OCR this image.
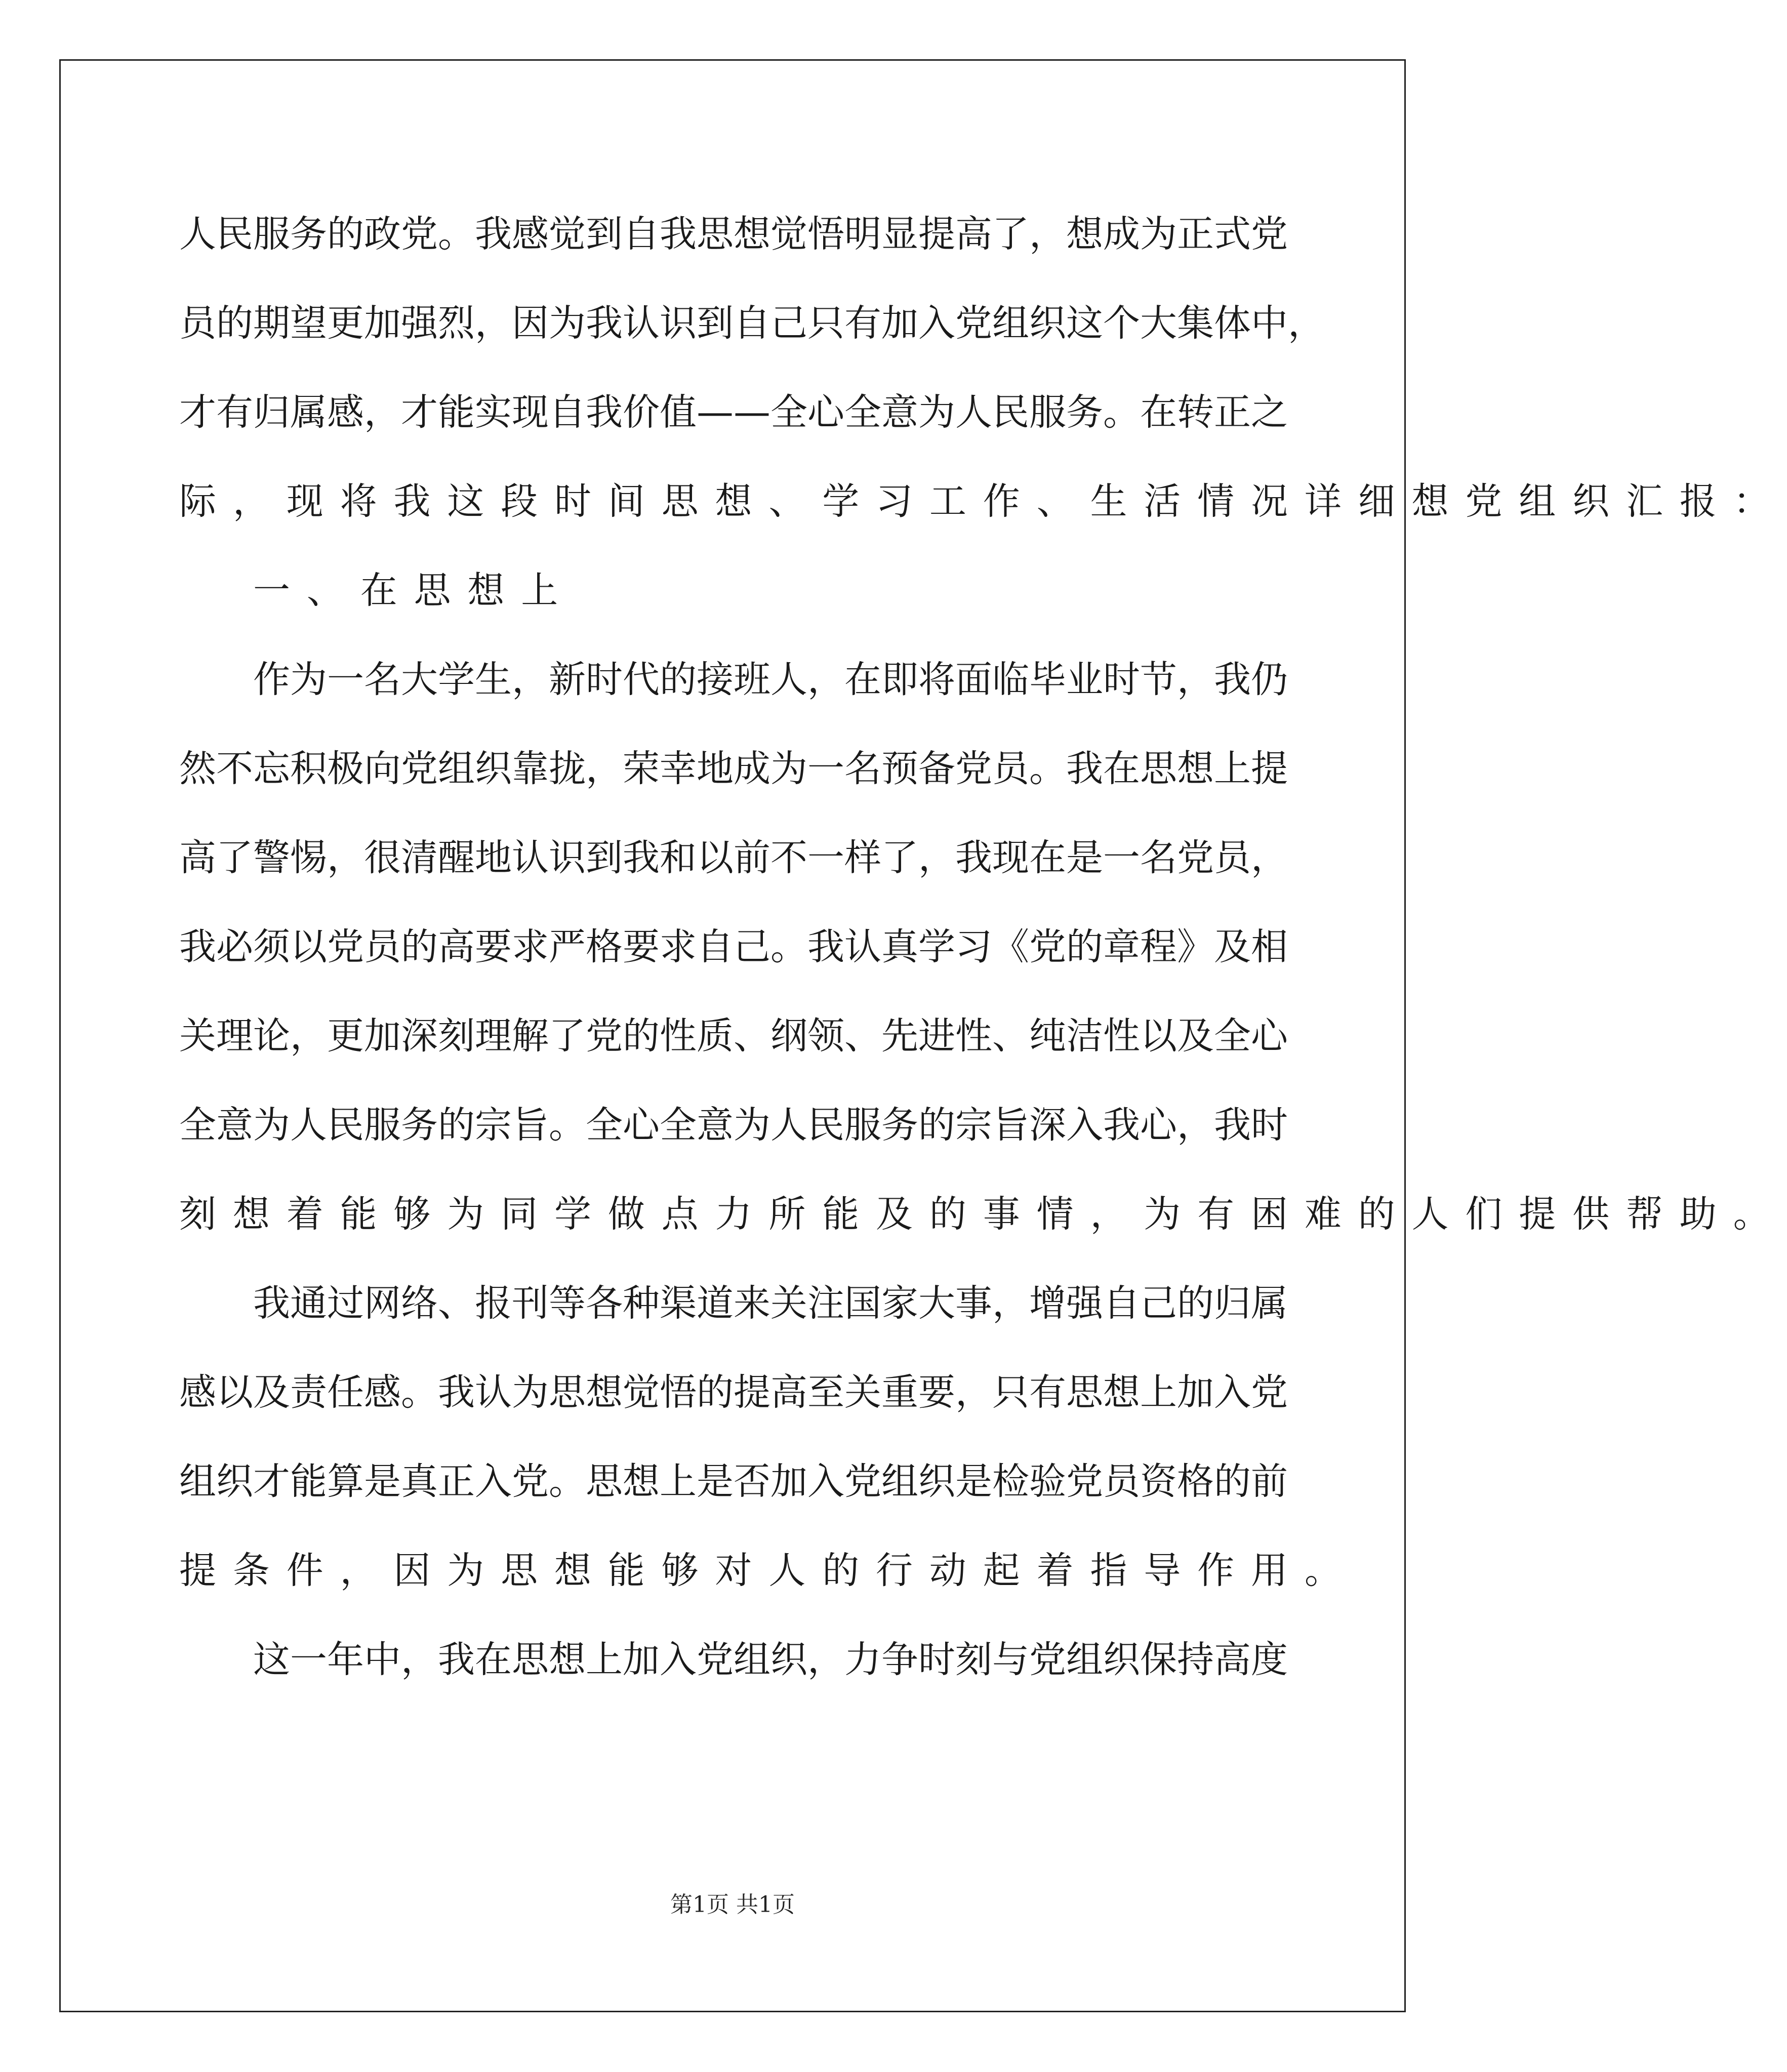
人 民 服 务 的 政 党 。 我 感 觉 到 自 我 思 想 觉 悟 明 显 提 高 了 ， 想 成 为 正 式 党
员 的 期 望 更 加 强 烈 ， 因 为 我 认 识 到 自 己 只 有 加 入 党 组 织 这 个 大 集 体 中 ，
才 有 归 属 感 ， 才 能 实 现 自 我 价 值 — — 全 心 全 意 为 人 民 服 务 。 在 转 正 之
际，现将我这段时间思想、学习工作、生活情况详细想党组织汇报：
一、在思想上
作 为 一 名 大 学 生 ， 新 时 代 的 接 班 人 ， 在 即 将 面 临 毕 业 时 节 ， 我 仍
然 不 忘 积 极 向 党 组 织 靠 拢 ， 荣 幸 地 成 为 一 名 预 备 党 员 。 我 在 思 想 上 提
高 了 警 惕 ， 很 清 醒 地 认 识 到 我 和 以 前 不 一 样 了 ， 我 现 在 是 一 名 党 员 ，
我 必 须 以 党 员 的 高 要 求 严 格 要 求 自 己 。 我 认 真 学 习 《 党 的 章 程 》 及 相
关 理 论 ， 更 加 深 刻 理 解 了 党 的 性 质 、 纲 领 、 先 进 性 、 纯 洁 性 以 及 全 心
全 意 为 人 民 服 务 的 宗 旨 。 全 心 全 意 为 人 民 服 务 的 宗 旨 深 入 我 心 ， 我 时
刻想着能够为同学做点力所能及的事情，为有困难的人们提供帮助。
我 通 过 网 络 、 报 刊 等 各 种 渠 道 来 关 注 国 家 大 事 ， 增 强 自 己 的 归 属
感 以 及 责 任 感 。 我 认 为 思 想 觉 悟 的 提 高 至 关 重 要 ， 只 有 思 想 上 加 入 党
组 织 才 能 算 是 真 正 入 党 。 思 想 上 是 否 加 入 党 组 织 是 检 验 党 员 资 格 的 前
提条件，因为思想能够对人的行动起着指导作用。
这 一 年 中 ， 我 在 思 想 上 加 入 党 组 织 ， 力 争 时 刻 与 党 组 织 保 持 高 度
第1页 共1页
